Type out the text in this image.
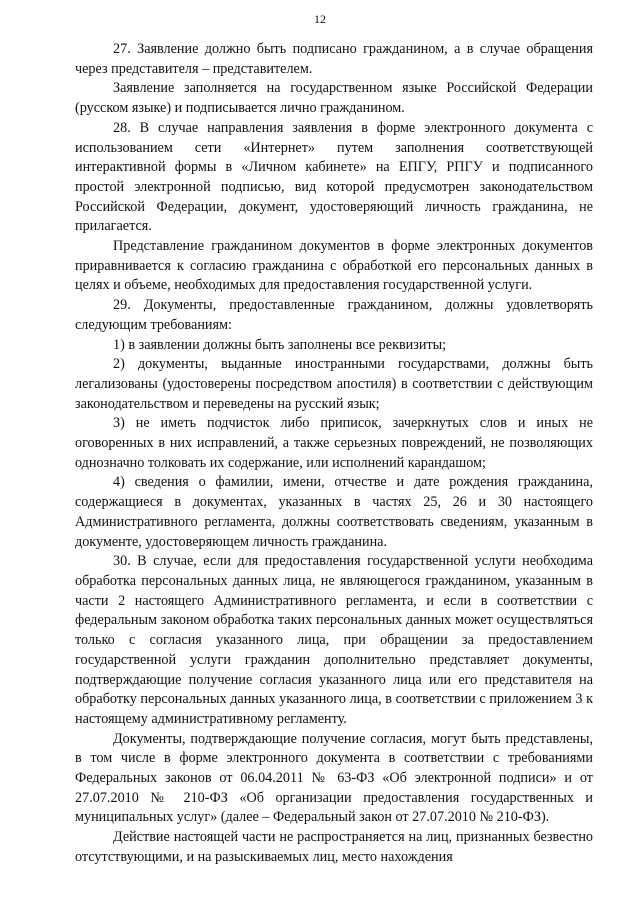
12

27. Заявление должно быть подписано гражданином, а в случае обращения через представителя – представителем.

Заявление заполняется на государственном языке Российской Федерации (русском языке) и подписывается лично гражданином.

28. В случае направления заявления в форме электронного документа с использованием сети «Интернет» путем заполнения соответствующей интерактивной формы в «Личном кабинете» на ЕПГУ, РПГУ и подписанного простой электронной подписью, вид которой предусмотрен законодательством Российской Федерации, документ, удостоверяющий личность гражданина, не прилагается.

Представление гражданином документов в форме электронных документов приравнивается к согласию гражданина с обработкой его персональных данных в целях и объеме, необходимых для предоставления государственной услуги.

29. Документы, предоставленные гражданином, должны удовлетворять следующим требованиям:

1) в заявлении должны быть заполнены все реквизиты;

2) документы, выданные иностранными государствами, должны быть легализованы (удостоверены посредством апостиля) в соответствии с действующим законодательством и переведены на русский язык;

3) не иметь подчисток либо приписок, зачеркнутых слов и иных не оговоренных в них исправлений, а также серьезных повреждений, не позволяющих однозначно толковать их содержание, или исполнений карандашом;

4) сведения о фамилии, имени, отчестве и дате рождения гражданина, содержащиеся в документах, указанных в частях 25, 26 и 30 настоящего Административного регламента, должны соответствовать сведениям, указанным в документе, удостоверяющем личность гражданина.

30. В случае, если для предоставления государственной услуги необходима обработка персональных данных лица, не являющегося гражданином, указанным в части 2 настоящего Административного регламента, и если в соответствии с федеральным законом обработка таких персональных данных может осуществляться только с согласия указанного лица, при обращении за предоставлением государственной услуги гражданин дополнительно представляет документы, подтверждающие получение согласия указанного лица или его представителя на обработку персональных данных указанного лица, в соответствии с приложением 3 к настоящему административному регламенту.

Документы, подтверждающие получение согласия, могут быть представлены, в том числе в форме электронного документа в соответствии с требованиями Федеральных законов от 06.04.2011 № 63-ФЗ «Об электронной подписи» и от 27.07.2010 № 210-ФЗ «Об организации предоставления государственных и муниципальных услуг» (далее – Федеральный закон от 27.07.2010 № 210-ФЗ).

Действие настоящей части не распространяется на лиц, признанных безвестно отсутствующими, и на разыскиваемых лиц, место нахождения
